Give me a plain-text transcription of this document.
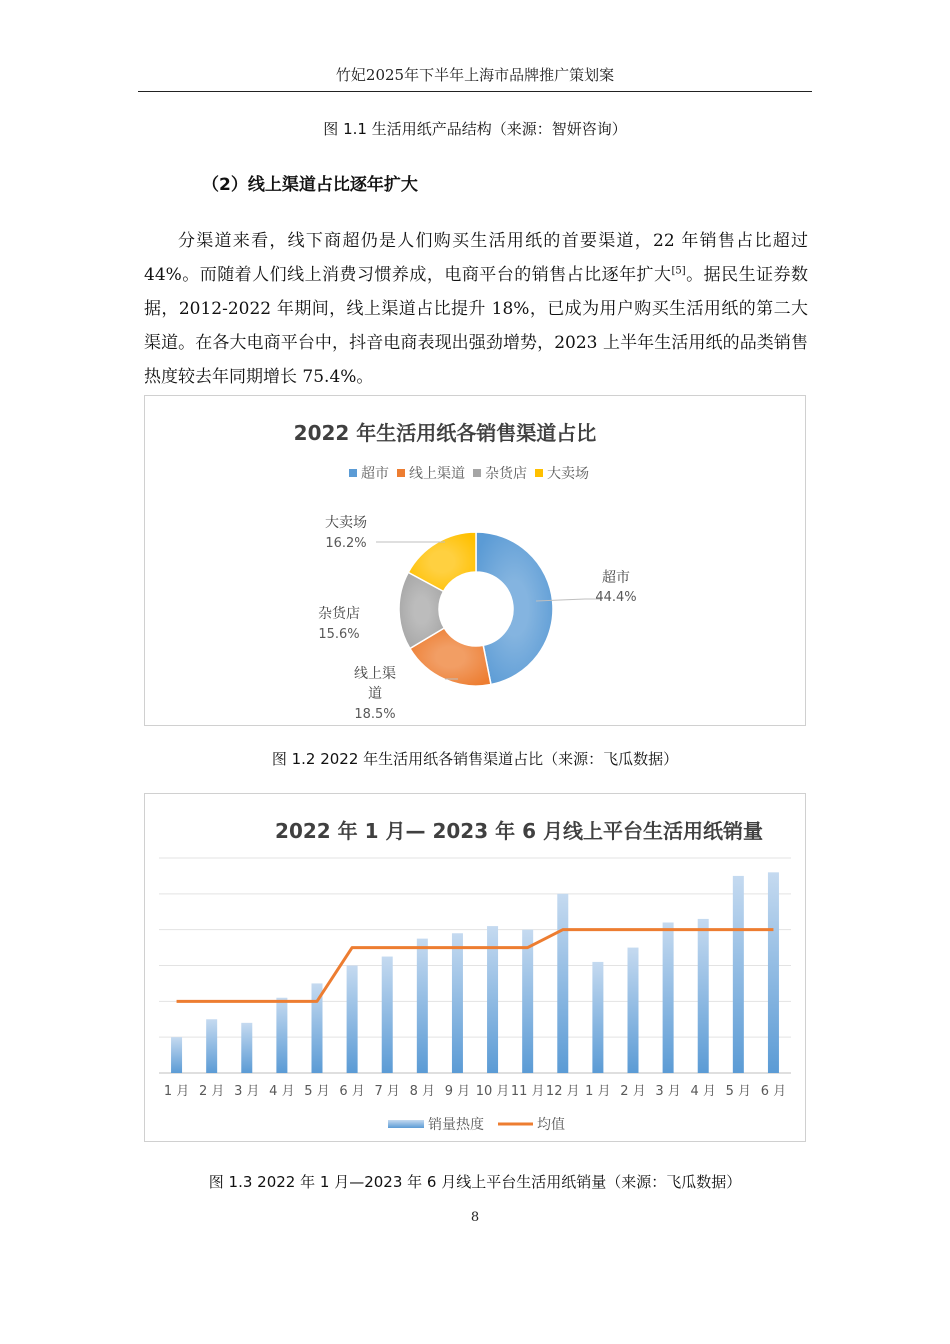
竹妃2025年下半年上海市品牌推广策划案
图 1.1 生活用纸产品结构（来源：智妍咨询）
（2）线上渠道占比逐年扩大

分渠道来看，线下商超仍是人们购买生活用纸的首要渠道，22 年销售占比超过 44%。而随着人们线上消费习惯养成，电商平台的销售占比逐年扩大[5]。据民生证券数据，2012-2022 年期间，线上渠道占比提升 18%，已成为用户购买生活用纸的第二大渠道。在各大电商平台中，抖音电商表现出强劲增势，2023 上半年生活用纸的品类销售热度较去年同期增长 75.4%。

2022 年生活用纸各销售渠道占比
超市 线上渠道 杂货店 大卖场
超市
44.4%
线上渠
道
18.5%
杂货店
15.6%
大卖场
16.2%
图 1.2 2022 年生活用纸各销售渠道占比（来源：飞瓜数据）
2022 年 1 月— 2023 年 6 月线上平台生活用纸销量
1 月 2 月 3 月 4 月 5 月 6 月 7 月 8 月 9 月 10 月 11 月 12 月 1 月 2 月 3 月 4 月 5 月 6 月
销量热度	均值
图 1.3 2022 年 1 月—2023 年 6 月线上平台生活用纸销量（来源：飞瓜数据）
8
